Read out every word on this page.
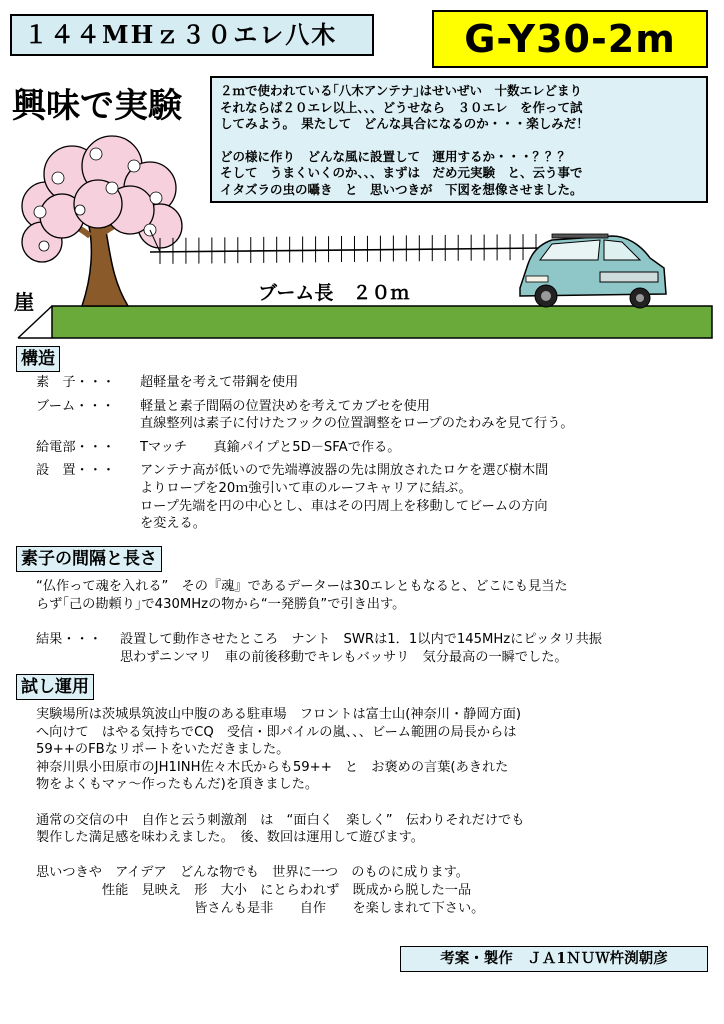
１４４MHｚ３０エレ八木	G-Y30-2m
興味で実験	２ｍで使われている｢八木アンテナ｣はせいぜい　十数エレどまり

それならば２０エレ以上、、、どうせなら　３０エレ　を作って試

してみよう。　果たして　どんな具合になるのか・・・楽しみだ！

どの様に作り　どんな風に設置して　運用するか・・・？？？

そして　うまくいくのか、、、まずは　だめ元実験　と、云う事で

イタズラの虫の囁き　と　思いつきが　下図を想像させました。

崖	ブーム長　２０ｍ
構造
素　子・・・	超軽量を考えて帯鋼を使用
ブーム・・・	軽量と素子間隔の位置決めを考えてカブセを使用
直線整列は素子に付けたフックの位置調整をロープのたわみを見て行う。
給電部・・・	Tマッチ　　真鍮パイプと5D－SFAで作る。
設　置・・・	アンテナ高が低いので先端導波器の先は開放されたロケを選び樹木間
よりロープを20ｍ強引いて車のルーフキャリアに結ぶ。
ロープ先端を円の中心とし、車はその円周上を移動してビームの方向
を変える。
素子の間隔と長さ
“仏作って魂を入れる”　その『魂』であるデーターは30エレともなると、どこにも見当た
らず｢己の勘頼り｣で430MHzの物から“一発勝負”で引き出す。
結果・・・	設置して動作させたところ　ナント　SWRは1．1以内で145MHzにピッタリ共振
思わずニンマリ　車の前後移動でキレもバッサリ　気分最高の一瞬でした。
試し運用
実験場所は茨城県筑波山中腹のある駐車場　フロントは富士山(神奈川・静岡方面)
へ向けて　はやる気持ちでCQ　受信・即パイルの嵐、、、ビーム範囲の局長からは
59++のFBなリポートをいただきました。
神奈川県小田原市のJH1INH佐々木氏からも59++　と　お褒めの言葉(あきれた
物をよくもマァ～作ったもんだ)を頂きました。
通常の交信の中　自作と云う刺激剤　は　“面白く　楽しく”　伝わりそれだけでも
製作した満足感を味わえました。　後、数回は運用して遊びます。
思いつきや　アイデア　どんな物でも　世界に一つ　のものに成ります。
　　　　　性能　見映え　形　大小　にとらわれず　既成から脱した一品
　　　　　　　　　　　　皆さんも是非　　自作　　を楽しまれて下さい。
考案・製作　ＪＡ1ＮＵＷ杵渕朝彦
